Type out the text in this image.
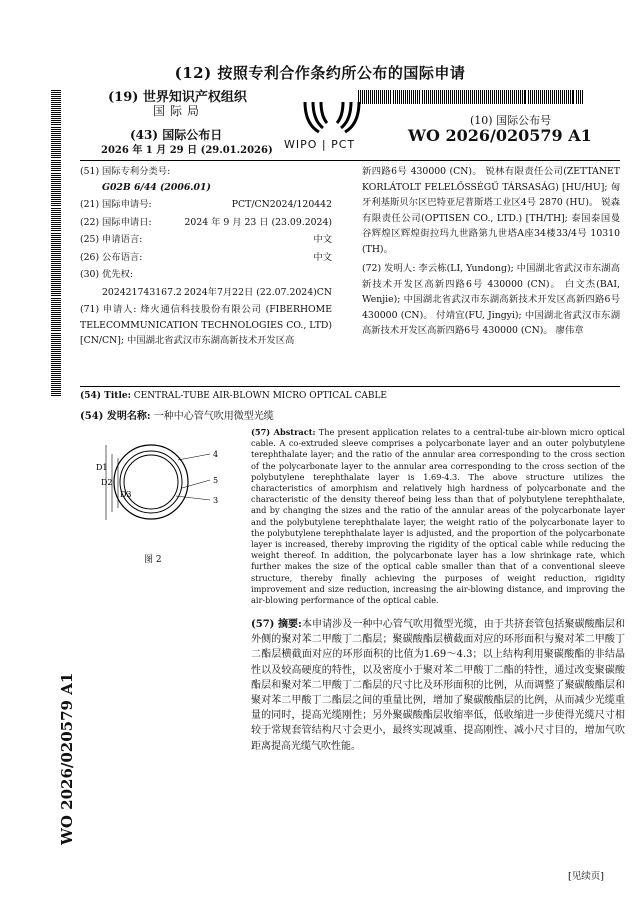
(12) 按照专利合作条约所公布的国际申请
(19) 世界知识产权组织
国际局
(43) 国际公布日
2026 年 1 月 29 日 (29.01.2026) WIPO | PCT
(10) 国际公布号
WO 2026/020579 A1
WO 2026/020579 A1
(51) 国际专利分类号:
G02B 6/44 (2006.01)
(21) 国际申请号:	PCT/CN2024/120442
(22) 国际申请日:	2024 年 9 月 23 日 (23.09.2024)
(25) 申请语言:	中文
(26) 公布语言:	中文
(30) 优先权:
202421743167.2 2024年7月22日 (22.07.2024) CN
(71) 申请人: 烽火通信科技股份有限公司 (FIBERHOME TELECOMMUNICATION TECHNOLOGIES CO., LTD) [CN/CN]; 中国湖北省武汉市东湖高新技术开发区高
新四路6号 430000 (CN)。 锐林有限责任公司(ZETTANET KORLÁTOLT FELELŐSSÉGŰ TÁRSASÁG) [HU/HU]; 匈牙利基斯贝尔区巴特亚尼普斯塔工业区4号 2870 (HU)。 锐森有限责任公司(OPTISEN CO., LTD.) [TH/TH]; 泰国泰国曼谷辉煌区辉煌街拉玛九世路第九世塔A座34楼33/4号 10310 (TH)。
(72) 发明人: 李云栋(LI, Yundong); 中国湖北省武汉市东湖高新技术开发区高新四路6号 430000 (CN)。 白文杰(BAI, Wenjie); 中国湖北省武汉市东湖高新技术开发区高新四路6号 430000 (CN)。 付靖宜(FU, Jingyi); 中国湖北省武汉市东湖高新技术开发区高新四路6号 430000 (CN)。 廖伟章
(54) Title: CENTRAL-TUBE AIR-BLOWN MICRO OPTICAL CABLE
(54) 发明名称: 一种中心管气吹用微型光缆
D1
D2
D3
4
5
3
图 2
(57) Abstract: The present application relates to a central-tube air-blown micro optical cable. A co-extruded sleeve comprises a polycarbonate layer and an outer polybutylene terephthalate layer; and the ratio of the annular area corresponding to the cross section of the polycarbonate layer to the annular area corresponding to the cross section of the polybutylene terephthalate layer is 1.69-4.3. The above structure utilizes the characteristics of amorphism and relatively high hardness of polycarbonate and the characteristic of the density thereof being less than that of polybutylene terephthalate, and by changing the sizes and the ratio of the annular areas of the polycarbonate layer and the polybutylene terephthalate layer, the weight ratio of the polycarbonate layer to the polybutylene terephthalate layer is adjusted, and the proportion of the polycarbonate layer is increased, thereby improving the rigidity of the optical cable while reducing the weight thereof. In addition, the polycarbonate layer has a low shrinkage rate, which further makes the size of the optical cable smaller than that of a conventional sleeve structure, thereby finally achieving the purposes of weight reduction, rigidity improvement and size reduction, increasing the air-blowing distance, and improving the air-blowing performance of the optical cable.
(57) 摘要:本申请涉及一种中心管气吹用微型光缆，由于共挤套管包括聚碳酸酯层和外侧的聚对苯二甲酸丁二酯层；聚碳酸酯层横截面对应的环形面积与聚对苯二甲酸丁二酯层横截面对应的环形面积的比值为1.69～4.3；以上结构利用聚碳酸酯的非结晶性以及较高硬度的特性，以及密度小于聚对苯二甲酸丁二酯的特性，通过改变聚碳酸酯层和聚对苯二甲酸丁二酯层的尺寸比及环形面积的比例，从而调整了聚碳酸酯层和聚对苯二甲酸丁二酯层之间的重量比例，增加了聚碳酸酯层的比例，从而减少光缆重量的同时，提高光缆刚性；另外聚碳酸酯层收缩率低，低收缩进一步使得光缆尺寸相较于常规套管结构尺寸会更小，最终实现减重、提高刚性、减小尺寸目的，增加气吹距离提高光缆气吹性能。
[见续页]
